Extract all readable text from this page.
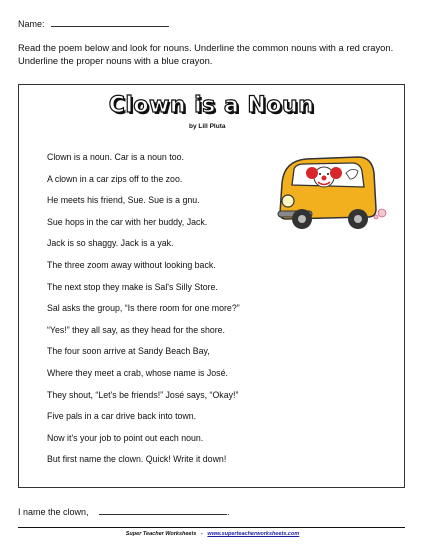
Name:
Read the poem below and look for nouns. Underline the common nouns with a red crayon. Underline the proper nouns with a blue crayon.
Clown is a Noun
by Lill Pluta
Clown is a noun. Car is a noun too.
A clown in a car zips off to the zoo.
He meets his friend, Sue. Sue is a gnu.
Sue hops in the car with her buddy, Jack.
Jack is so shaggy. Jack is a yak.
The three zoom away without looking back.
The next stop they make is Sal's Silly Store.
Sal asks the group, “Is there room for one more?”
“Yes!” they all say, as they head for the shore.
The four soon arrive at Sandy Beach Bay,
Where they meet a crab, whose name is José.
They shout, “Let's be friends!” José says, “Okay!”
Five pals in a car drive back into town.
Now it's your job to point out each noun.
But first name the clown. Quick! Write it down!
I name the clown,	.
Super Teacher Worksheets - www.superteacherworksheets.com
